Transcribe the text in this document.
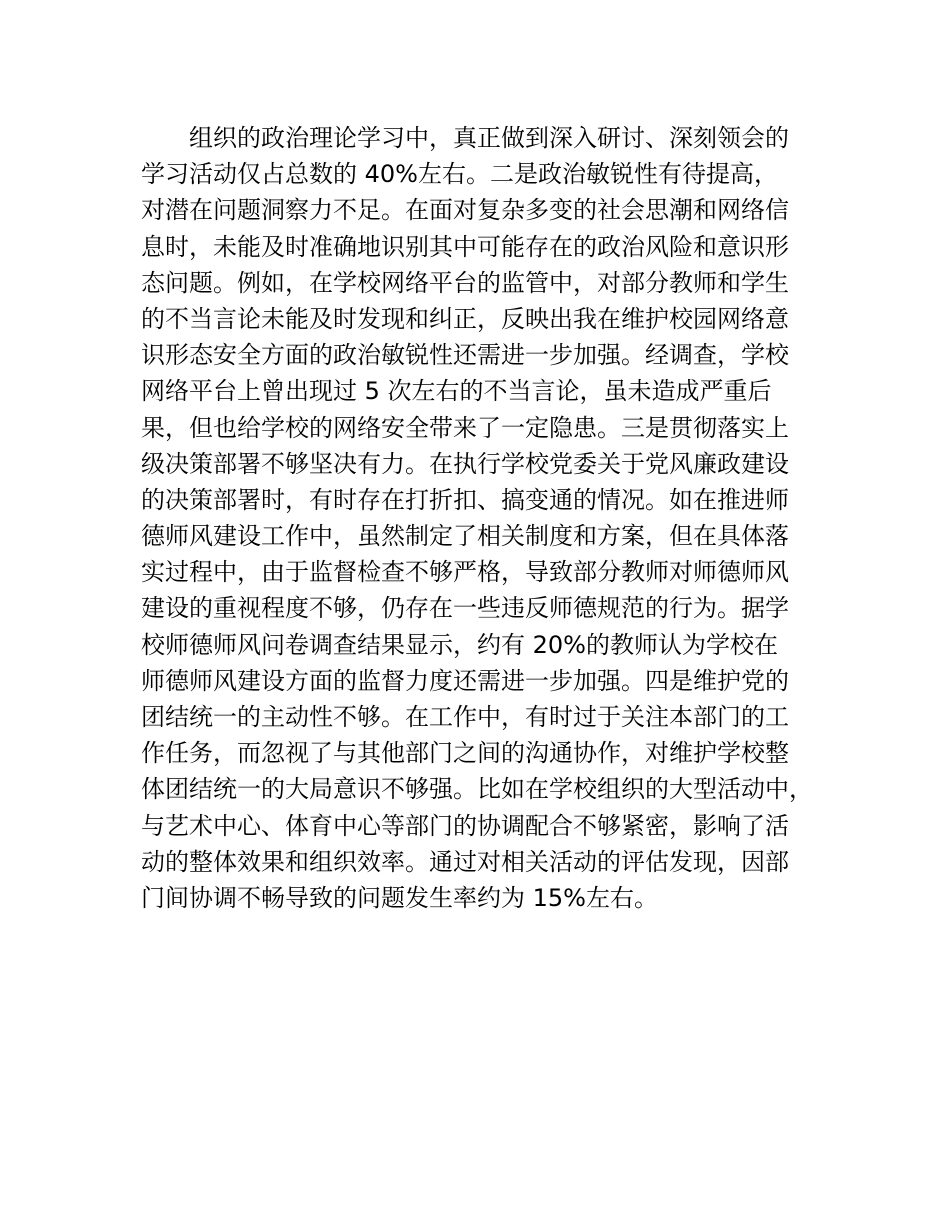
组织的政治理论学习中，真正做到深入研讨、深刻领会的
学习活动仅占总数的 40%左右。二是政治敏锐性有待提高，
对潜在问题洞察力不足。在面对复杂多变的社会思潮和网络信
息时，未能及时准确地识别其中可能存在的政治风险和意识形
态问题。例如，在学校网络平台的监管中，对部分教师和学生
的不当言论未能及时发现和纠正，反映出我在维护校园网络意
识形态安全方面的政治敏锐性还需进一步加强。经调查，学校
网络平台上曾出现过 5 次左右的不当言论，虽未造成严重后
果，但也给学校的网络安全带来了一定隐患。三是贯彻落实上
级决策部署不够坚决有力。在执行学校党委关于党风廉政建设
的决策部署时，有时存在打折扣、搞变通的情况。如在推进师
德师风建设工作中，虽然制定了相关制度和方案，但在具体落
实过程中，由于监督检查不够严格，导致部分教师对师德师风
建设的重视程度不够，仍存在一些违反师德规范的行为。据学
校师德师风问卷调查结果显示，约有 20%的教师认为学校在
师德师风建设方面的监督力度还需进一步加强。四是维护党的
团结统一的主动性不够。在工作中，有时过于关注本部门的工
作任务，而忽视了与其他部门之间的沟通协作，对维护学校整
体团结统一的大局意识不够强。比如在学校组织的大型活动中，
与艺术中心、体育中心等部门的协调配合不够紧密，影响了活
动的整体效果和组织效率。通过对相关活动的评估发现，因部
门间协调不畅导致的问题发生率约为 15%左右。
